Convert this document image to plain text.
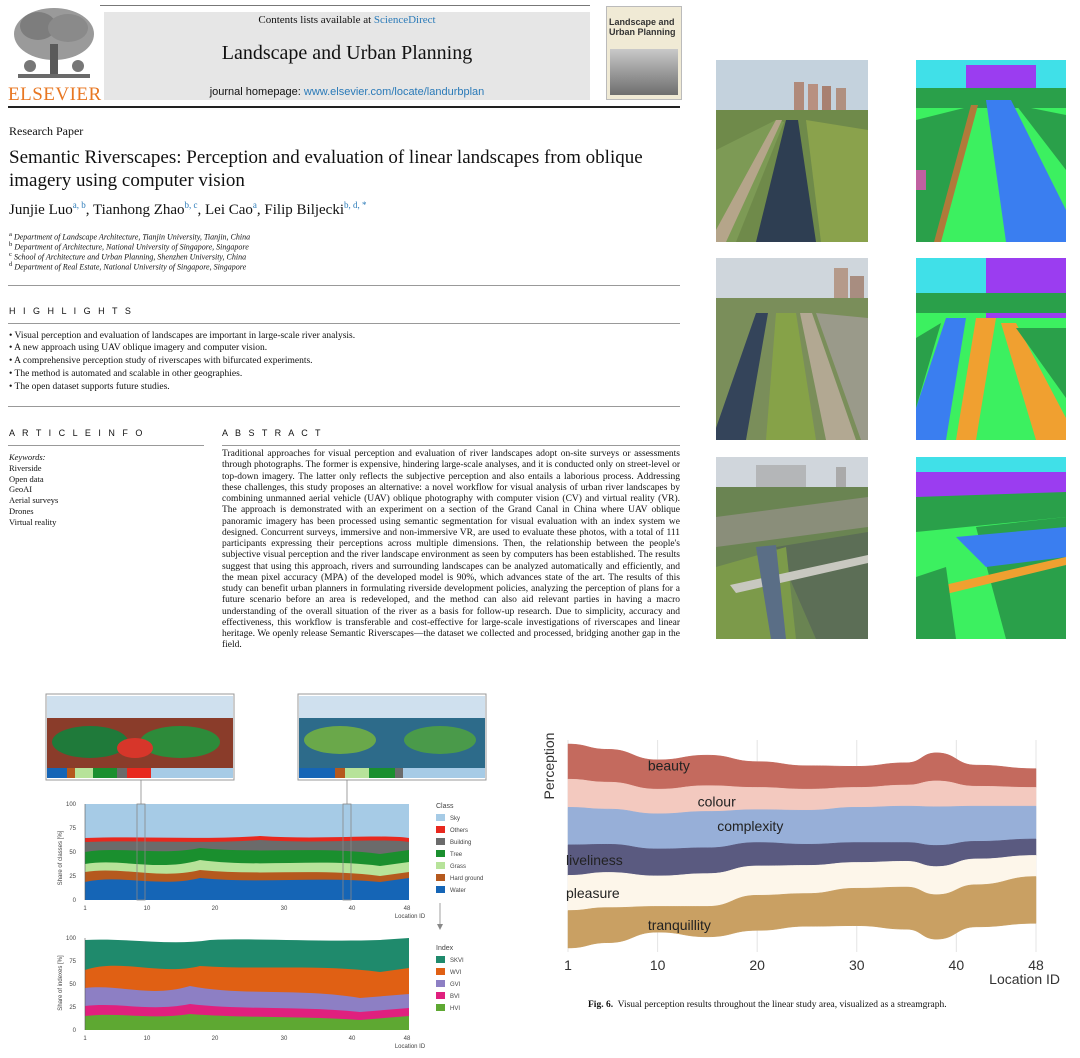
ELSEVIER
Contents lists available at ScienceDirect
Landscape and Urban Planning
journal homepage: www.elsevier.com/locate/landurbplan
Landscape and Urban Planning
Research Paper
Semantic Riverscapes: Perception and evaluation of linear landscapes from oblique imagery using computer vision
Junjie Luo$^{a, b}$, Tianhong Zhao$^{b, c}$, Lei Cao$^a$, Filip Biljecki$^{b, d, *}$
$^a$ Department of Landscape Architecture, Tianjin University, Tianjin, China
$^b$ Department of Architecture, National University of Singapore, Singapore
$^c$ School of Architecture and Urban Planning, Shenzhen University, China
$^d$ Department of Real Estate, National University of Singapore, Singapore
H I G H L I G H T S
• Visual perception and evaluation of landscapes are important in large-scale river analysis.
• A new approach using UAV oblique imagery and computer vision.
• A comprehensive perception study of riverscapes with bifurcated experiments.
• The method is automated and scalable in other geographies.
• The open dataset supports future studies.
A R T I C L E I N F O	A B S T R A C T
Keywords:
Riverside
Open data
GeoAI
Aerial surveys
Drones
Virtual reality
Traditional approaches for visual perception and evaluation of river landscapes adopt on-site surveys or assessments through photographs. The former is expensive, hindering large-scale analyses, and it is conducted only on street-level or top-down imagery. The latter only reflects the subjective perception and also entails a laborious process. Addressing these challenges, this study proposes an alternative: a novel workflow for visual analysis of urban river landscapes by combining unmanned aerial vehicle (UAV) oblique photography with computer vision (CV) and virtual reality (VR). The approach is demonstrated with an experiment on a section of the Grand Canal in China where UAV oblique panoramic imagery has been processed using semantic segmentation for visual evaluation with an index system we designed. Concurrent surveys, immersive and non-immersive VR, are used to evaluate these photos, with a total of 111 participants expressing their perceptions across multiple dimensions. Then, the relationship between the people's subjective visual perception and the river landscape environment as seen by computers has been established. The results suggest that using this approach, rivers and surrounding landscapes can be analyzed automatically and efficiently, and the mean pixel accuracy (MPA) of the developed model is 90%, which advances state of the art. The results of this study can benefit urban planners in formulating riverside development policies, analyzing the perception of plans for a future scenario before an area is redeveloped, and the method can also aid relevant parties in having a macro understanding of the overall situation of the river as a basis for follow-up research. Due to simplicity, accuracy and effectiveness, this workflow is transferable and cost-effective for large-scale investigations of riverscapes and linear heritage. We openly release Semantic Riverscapes—the dataset we collected and processed, bridging another gap in the field.
Share of classes [%]
0
25
50
75
100
1	10	20	30	40	48
Location ID
Class
Sky
Others
Building
Tree
Grass
Hard ground
Water
Share of indexes [%]
0
25
50
75
100
1	10	20	30	40	48
Location ID
Index
SKVI
WVI
GVI
BVI
HVI
beauty
colour
complexity
liveliness
pleasure
tranquillity
1	10	20	30	40	48
Perception
Location ID
Fig. 6. Visual perception results throughout the linear study area, visualized as a streamgraph.
